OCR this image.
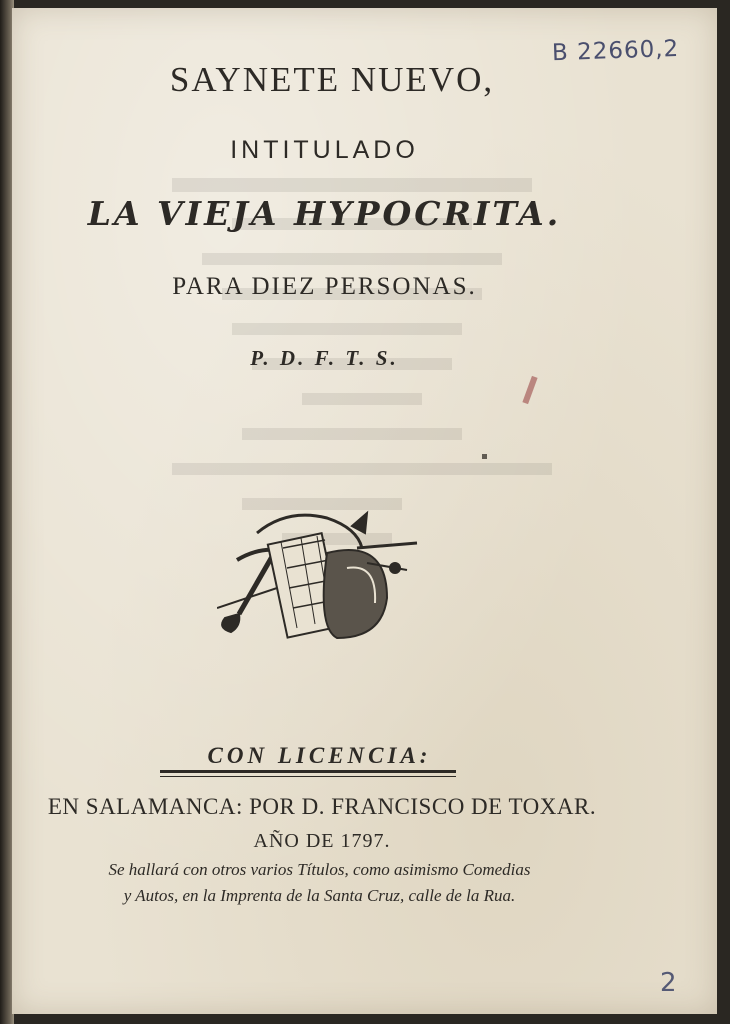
SAYNETE NUEVO,
INTITULADO
LA VIEJA HYPOCRITA.
PARA DIEZ PERSONAS.
P. D. F. T. S.
CON LICENCIA:
EN SALAMANCA: POR D. FRANCISCO DE TOXAR.
AÑO DE 1797.
Se hallará con otros varios Títulos, como asimismo Comedias
y Autos, en la Imprenta de la Santa Cruz, calle de la Rua.
B 22660,2
2
